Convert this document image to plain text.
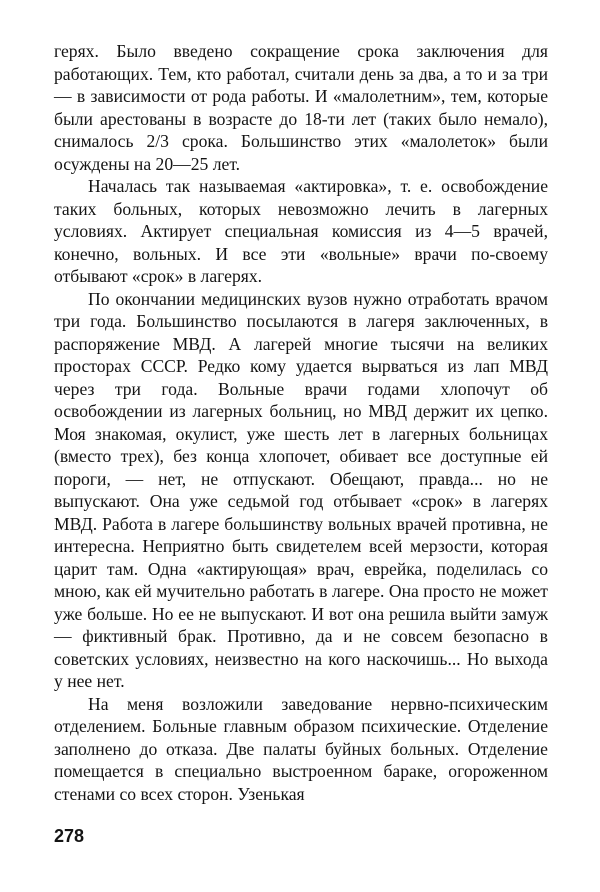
герях. Было введено сокращение срока заключения для работающих. Тем, кто работал, считали день за два, а то и за три — в зависимости от рода работы. И «малолетним», тем, которые были арестованы в возрасте до 18-ти лет (таких было немало), снималось 2/3 срока. Большинство этих «малолеток» были осуждены на 20—25 лет.

Началась так называемая «актировка», т. е. освобождение таких больных, которых невозможно лечить в лагерных условиях. Актирует специальная комиссия из 4—5 врачей, конечно, вольных. И все эти «вольные» врачи по-своему отбывают «срок» в лагерях.

По окончании медицинских вузов нужно отработать врачом три года. Большинство посылаются в лагеря заключенных, в распоряжение МВД. А лагерей многие тысячи на великих просторах СССР. Редко кому удается вырваться из лап МВД через три года. Вольные врачи годами хлопочут об освобождении из лагерных больниц, но МВД держит их цепко. Моя знакомая, окулист, уже шесть лет в лагерных больницах (вместо трех), без конца хлопочет, обивает все доступные ей пороги, — нет, не отпускают. Обещают, правда... но не выпускают. Она уже седьмой год отбывает «срок» в лагерях МВД. Работа в лагере большинству вольных врачей противна, не интересна. Неприятно быть свидетелем всей мерзости, которая царит там. Одна «актирующая» врач, еврейка, поделилась со мною, как ей мучительно работать в лагере. Она просто не может уже больше. Но ее не выпускают. И вот она решила выйти замуж — фиктивный брак. Противно, да и не совсем безопасно в советских условиях, неизвестно на кого наскочишь... Но выхода у нее нет.

На меня возложили заведование нервно-психическим отделением. Больные главным образом психические. Отделение заполнено до отказа. Две палаты буйных больных. Отделение помещается в специально выстроенном бараке, огороженном стенами со всех сторон. Узенькая

278
